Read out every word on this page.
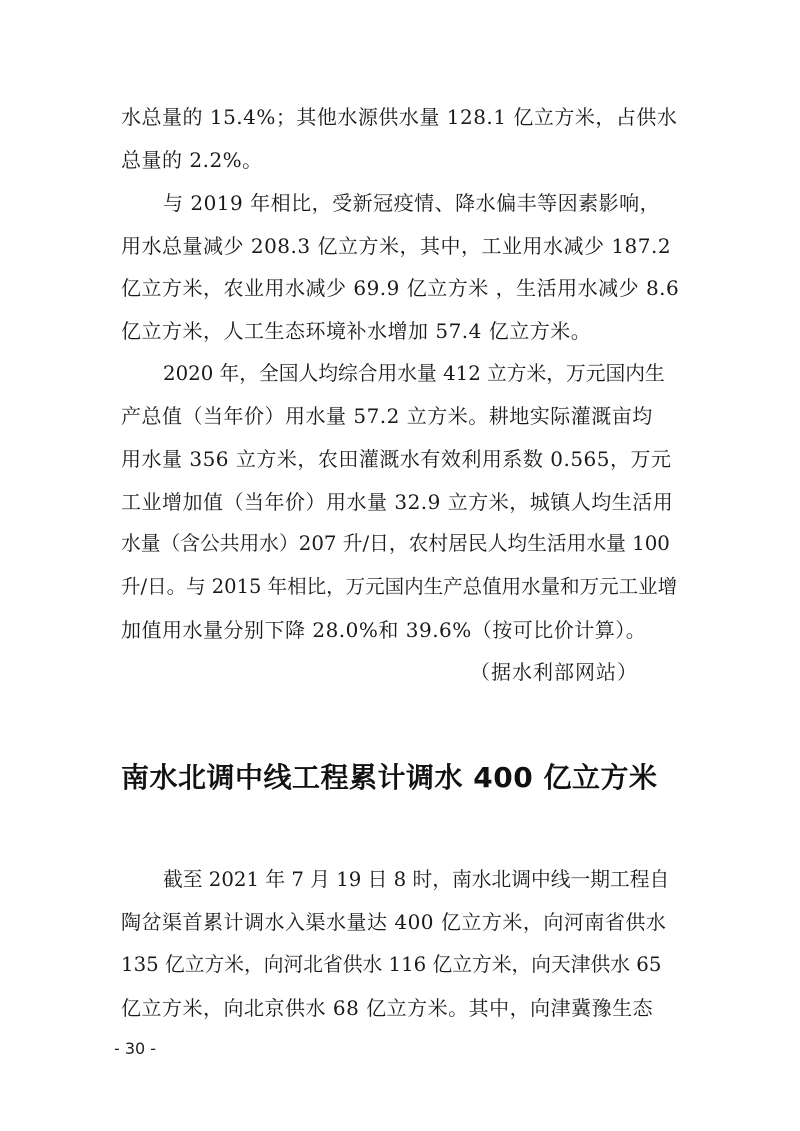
水总量的 15.4%；其他水源供水量 128.1 亿立方米，占供水
总量的 2.2%。
与 2019 年相比，受新冠疫情、降水偏丰等因素影响，
用水总量减少 208.3 亿立方米，其中，工业用水减少 187.2
亿立方米，农业用水减少 69.9 亿立方米 ，生活用水减少 8.6
亿立方米，人工生态环境补水增加 57.4 亿立方米。
2020 年，全国人均综合用水量 412 立方米，万元国内生
产总值（当年价）用水量 57.2 立方米。耕地实际灌溉亩均
用水量 356 立方米，农田灌溉水有效利用系数 0.565，万元
工业增加值（当年价）用水量 32.9 立方米，城镇人均生活用
水量（含公共用水）207 升/日，农村居民人均生活用水量 100
升/日。与 2015 年相比，万元国内生产总值用水量和万元工业增
加值用水量分别下降 28.0%和 39.6%（按可比价计算）。
（据水利部网站）
南水北调中线工程累计调水 400 亿立方米
截至 2021 年 7 月 19 日 8 时，南水北调中线一期工程自
陶岔渠首累计调水入渠水量达 400 亿立方米，向河南省供水
135 亿立方米，向河北省供水 116 亿立方米，向天津供水 65
亿立方米，向北京供水 68 亿立方米。其中，向津冀豫生态
- 30 -
